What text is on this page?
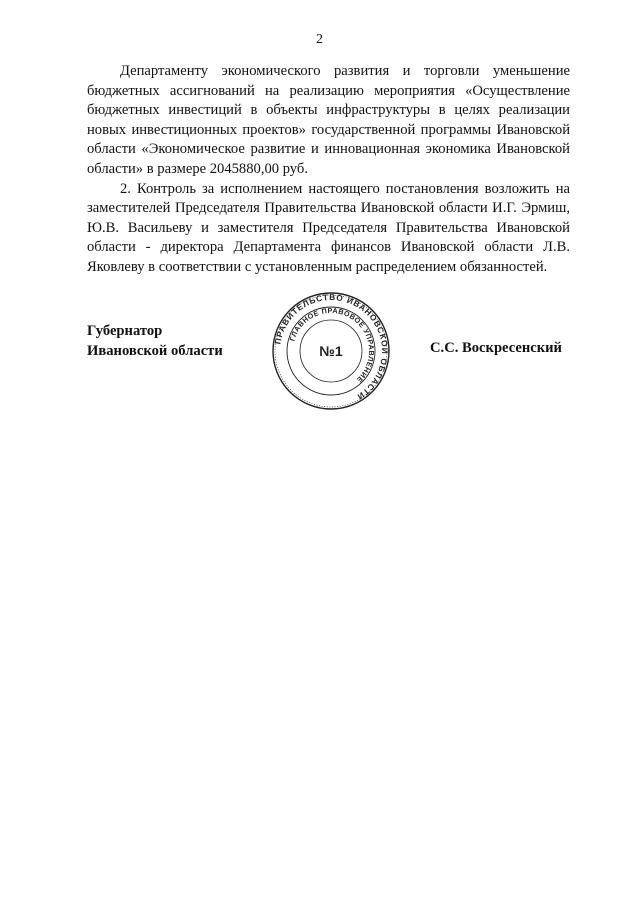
2

Департаменту экономического развития и торговли уменьшение бюджетных ассигнований на реализацию мероприятия «Осуществление бюджетных инвестиций в объекты инфраструктуры в целях реализации новых инвестиционных проектов» государственной программы Ивановской области «Экономическое развитие и инновационная экономика Ивановской области» в размере 2045880,00 руб.

2. Контроль за исполнением настоящего постановления возложить на заместителей Председателя Правительства Ивановской области И.Г. Эрмиш, Ю.В. Васильеву и заместителя Председателя Правительства Ивановской области - директора Департамента финансов Ивановской области Л.В. Яковлеву в соответствии с установленным распределением обязанностей.

Губернатор
Ивановской области
ПРАВИТЕЛЬСТВО ИВАНОВСКОЙ ОБЛАСТИ
ГЛАВНОЕ ПРАВОВОЕ УПРАВЛЕНИЕ
№1	С.С. Воскресенский
